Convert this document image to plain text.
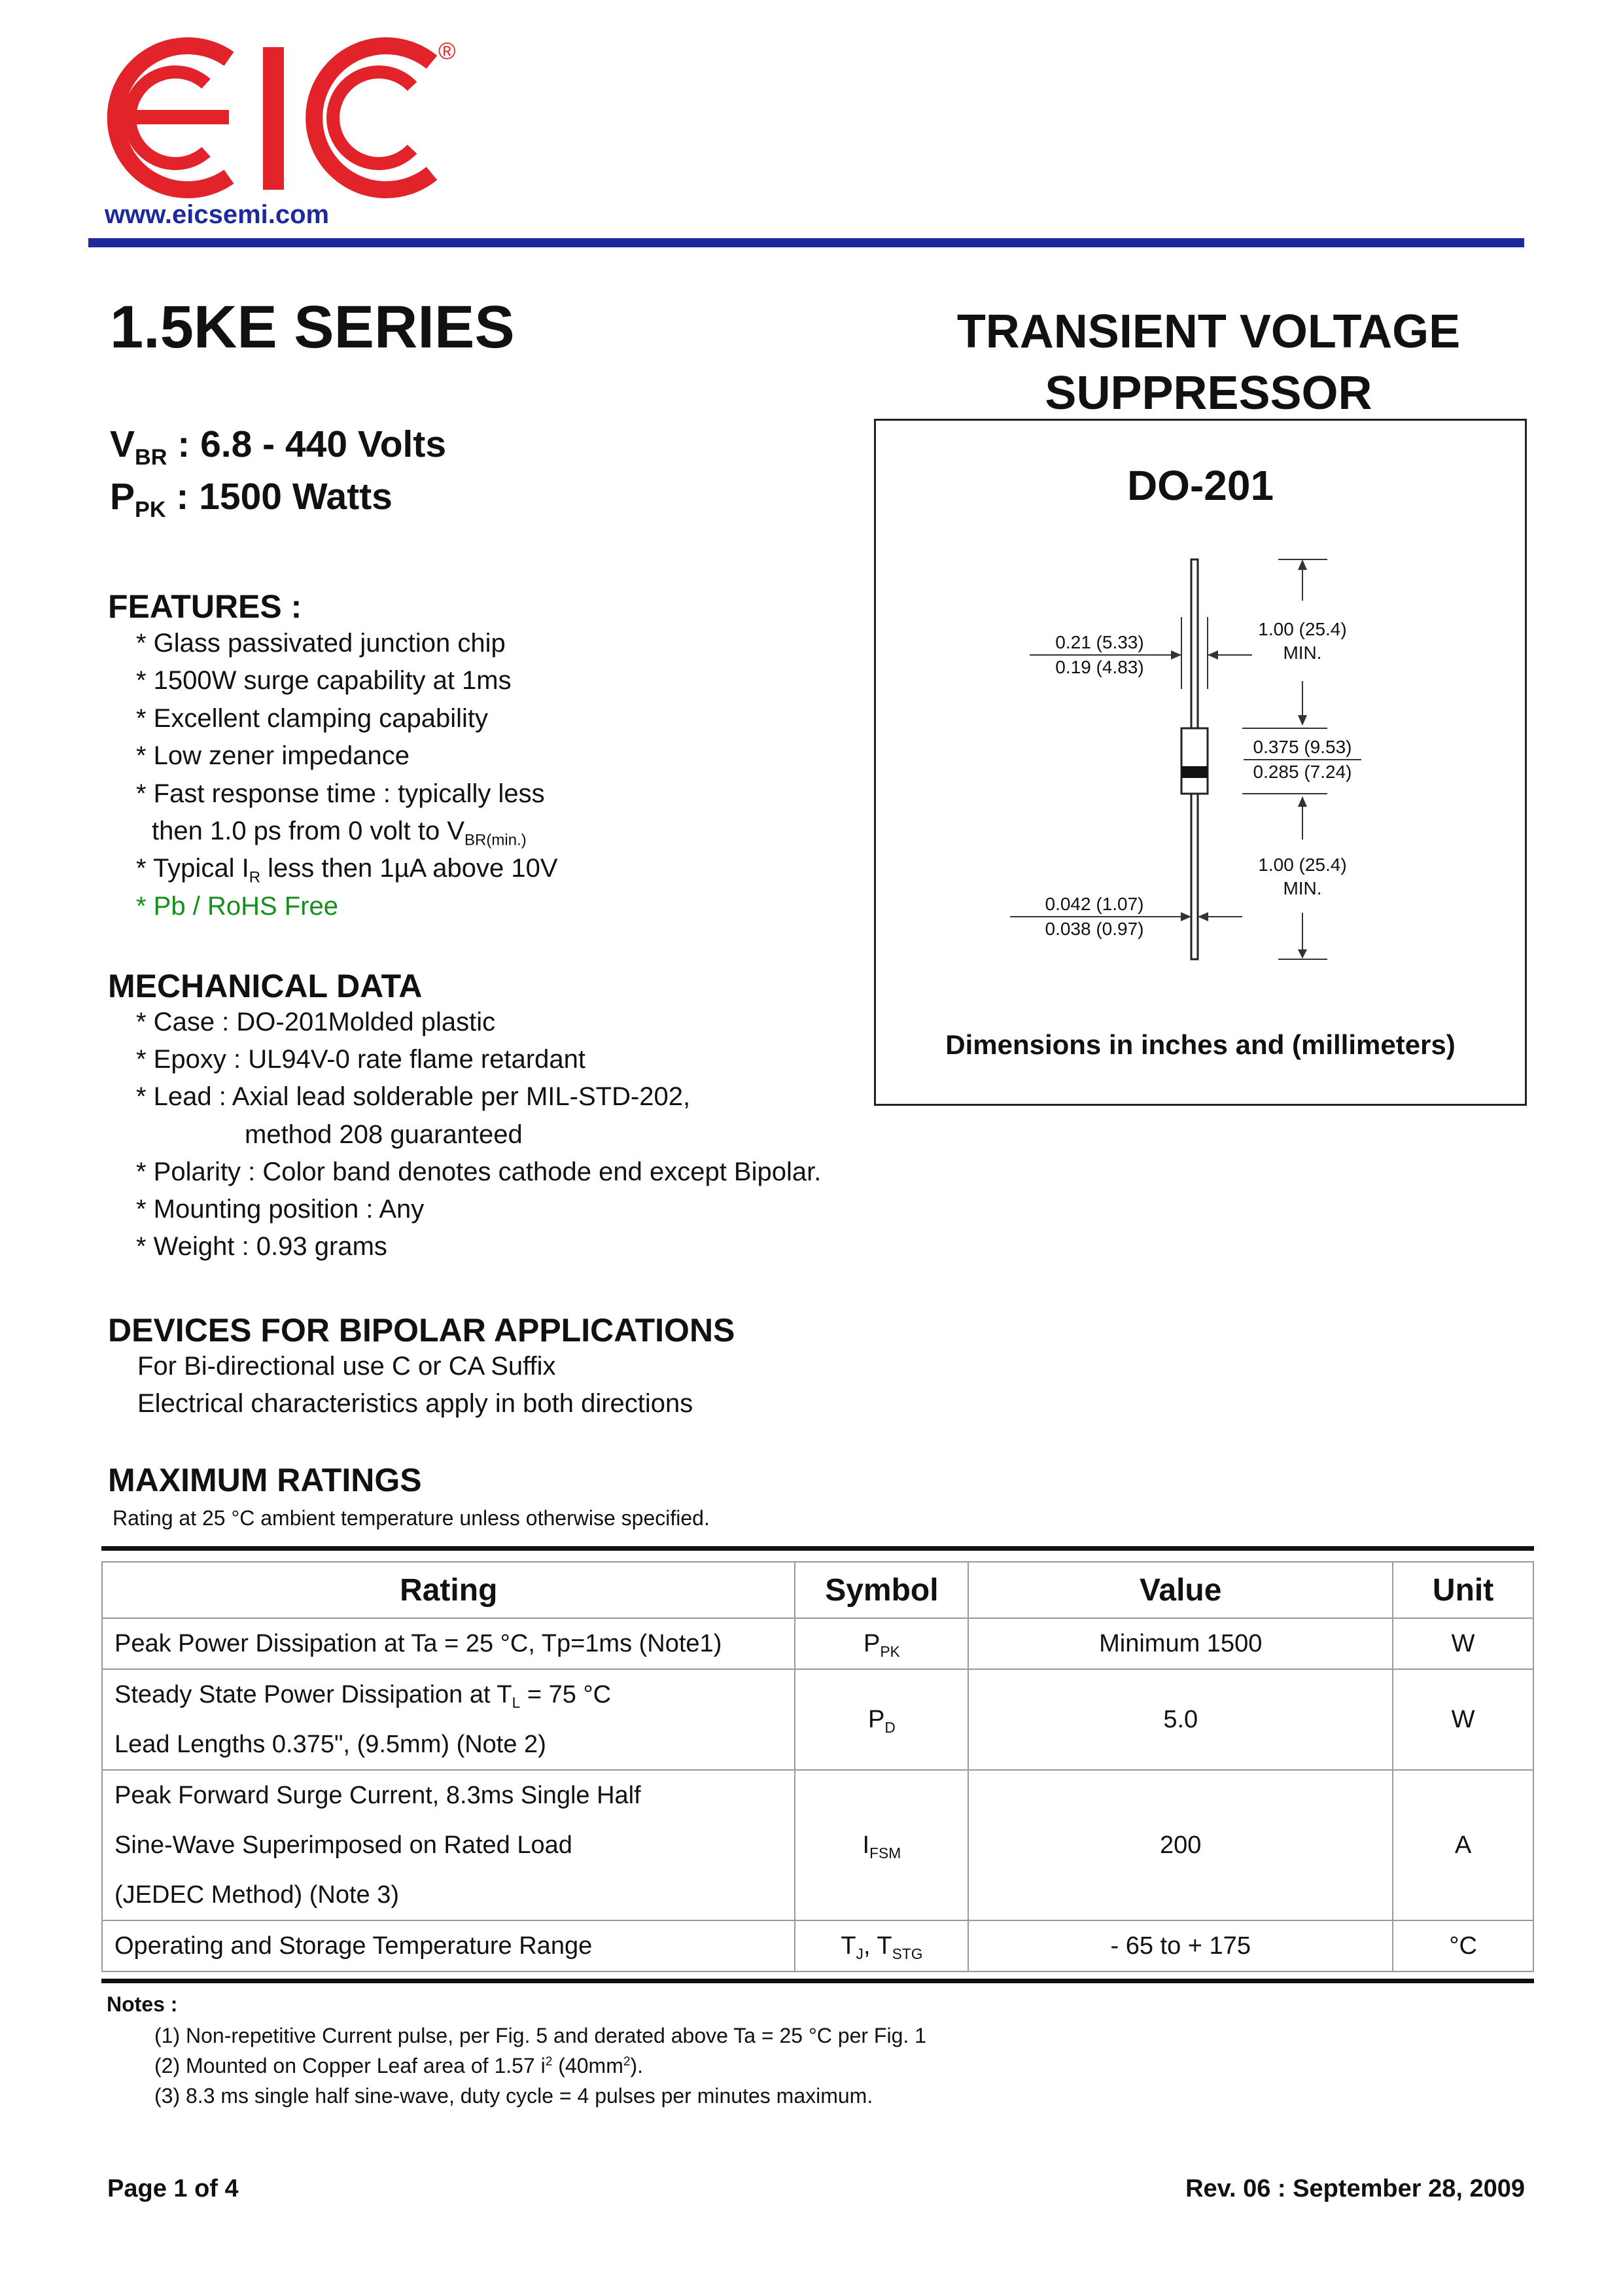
®
www.eicsemi.com
1.5KE SERIES	TRANSIENT VOLTAGE
SUPPRESSOR
$V_{BR}$ : 6.8 - 440 Volts
$P_{PK}$ : 1500 Watts
FEATURES :
* Glass passivated junction chip
* 1500W surge capability at 1ms
* Excellent clamping capability
* Low zener impedance
* Fast response time : typically less
then 1.0 ps from 0 volt to $V_{BR(min.)}$
* Typical $I_R$ less then 1µA above 10V
* Pb / RoHS Free
MECHANICAL DATA
* Case : DO-201Molded plastic
* Epoxy : UL94V-0 rate flame retardant
* Lead : Axial lead solderable per MIL-STD-202,
method 208 guaranteed
* Polarity : Color band denotes cathode end except Bipolar.
* Mounting position : Any
* Weight : 0.93 grams
DEVICES FOR BIPOLAR APPLICATIONS
For Bi-directional use C or CA Suffix
Electrical characteristics apply in both directions
MAXIMUM RATINGS
Rating at 25 °C ambient temperature unless otherwise specified.
DO-201
1.00 (25.4)
MIN.
0.375 (9.53)
0.285 (7.24)
1.00 (25.4)
MIN.
0.21 (5.33)
0.19 (4.83)
0.042 (1.07)
0.038 (0.97)
Dimensions in inches and (millimeters)
Rating	Symbol	Value	Unit
Peak Power Dissipation at Ta = 25 °C, Tp=1ms (Note1)	$P_{PK}$	Minimum 1500	W

Steady State Power Dissipation at $T_L = 75$ °C
Lead Lengths 0.375", (9.5mm) (Note 2)	$P_D$	5.0	W

Peak Forward Surge Current, 8.3ms Single Half
Sine-Wave Superimposed on Rated Load
(JEDEC Method) (Note 3)	$I_{FSM}$	200	A
Operating and Storage Temperature Range	$T_J$, $T_{STG}$	- 65 to + 175	°C
Notes :
(1) Non-repetitive Current pulse, per Fig. 5 and derated above Ta = 25 °C per Fig. 1
(2) Mounted on Copper Leaf area of 1.57 $i^2$ $(40mm^2)$.
(3) 8.3 ms single half sine-wave, duty cycle = 4 pulses per minutes maximum.
Page 1 of 4	Rev. 06 : September 28, 2009
